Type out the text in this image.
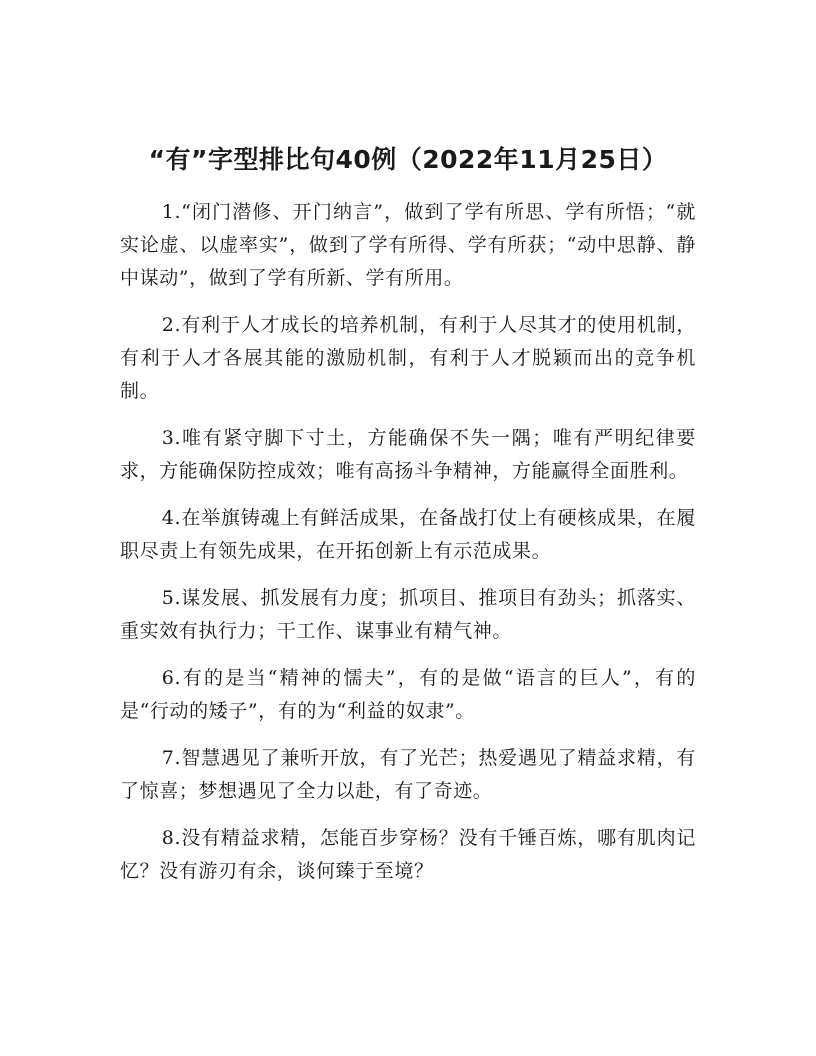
“有”字型排比句40例（2022年11月25日）

1.“闭门潜修、开门纳言”，做到了学有所思、学有所悟；“就实论虚、以虚率实”，做到了学有所得、学有所获；“动中思静、静中谋动”，做到了学有所新、学有所用。

2.有利于人才成长的培养机制，有利于人尽其才的使用机制，有利于人才各展其能的激励机制，有利于人才脱颖而出的竞争机制。

3.唯有紧守脚下寸土，方能确保不失一隅；唯有严明纪律要求，方能确保防控成效；唯有高扬斗争精神，方能赢得全面胜利。

4.在举旗铸魂上有鲜活成果，在备战打仗上有硬核成果，在履职尽责上有领先成果，在开拓创新上有示范成果。

5.谋发展、抓发展有力度；抓项目、推项目有劲头；抓落实、重实效有执行力；干工作、谋事业有精气神。

6.有的是当“精神的懦夫”，有的是做“语言的巨人”，有的是“行动的矮子”，有的为“利益的奴隶”。

7.智慧遇见了兼听开放，有了光芒；热爱遇见了精益求精，有了惊喜；梦想遇见了全力以赴，有了奇迹。

8.没有精益求精，怎能百步穿杨？没有千锤百炼，哪有肌肉记忆？没有游刃有余，谈何臻于至境？
